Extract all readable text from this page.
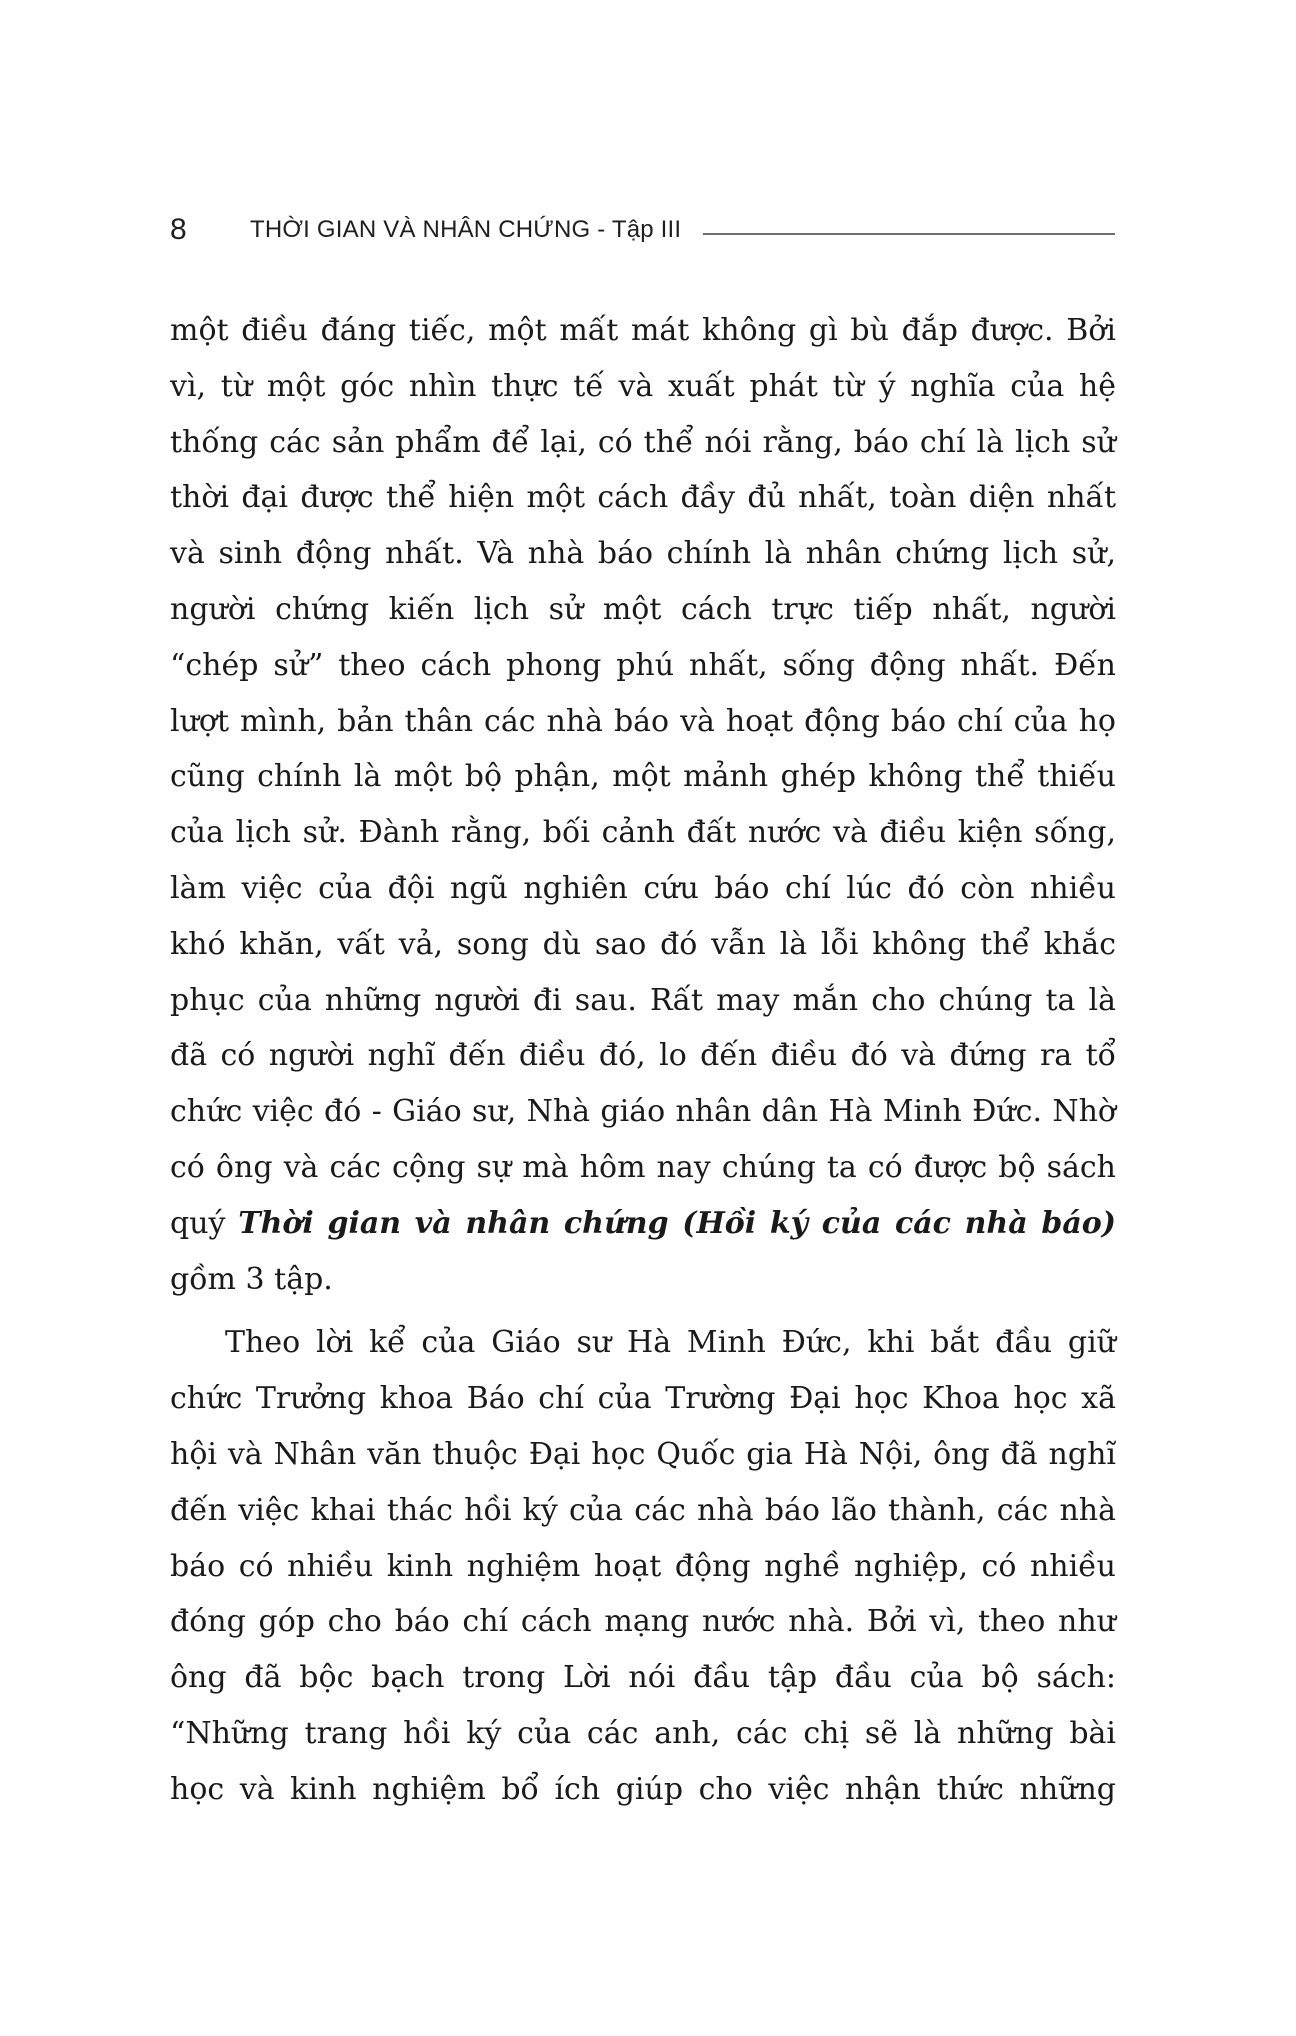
8	THỜI GIAN VÀ NHÂN CHỨNG - Tập III
một điều đáng tiếc, một mất mát không gì bù đắp được. Bởi
vì, từ một góc nhìn thực tế và xuất phát từ ý nghĩa của hệ
thống các sản phẩm để lại, có thể nói rằng, báo chí là lịch sử
thời đại được thể hiện một cách đầy đủ nhất, toàn diện nhất
và sinh động nhất. Và nhà báo chính là nhân chứng lịch sử,
người chứng kiến lịch sử một cách trực tiếp nhất, người
“chép sử” theo cách phong phú nhất, sống động nhất. Đến
lượt mình, bản thân các nhà báo và hoạt động báo chí của họ
cũng chính là một bộ phận, một mảnh ghép không thể thiếu
của lịch sử. Đành rằng, bối cảnh đất nước và điều kiện sống,
làm việc của đội ngũ nghiên cứu báo chí lúc đó còn nhiều
khó khăn, vất vả, song dù sao đó vẫn là lỗi không thể khắc
phục của những người đi sau. Rất may mắn cho chúng ta là
đã có người nghĩ đến điều đó, lo đến điều đó và đứng ra tổ
chức việc đó - Giáo sư, Nhà giáo nhân dân Hà Minh Đức. Nhờ
có ông và các cộng sự mà hôm nay chúng ta có được bộ sách
quý Thời gian và nhân chứng (Hồi ký của các nhà báo)
gồm 3 tập.
Theo lời kể của Giáo sư Hà Minh Đức, khi bắt đầu giữ
chức Trưởng khoa Báo chí của Trường Đại học Khoa học xã
hội và Nhân văn thuộc Đại học Quốc gia Hà Nội, ông đã nghĩ
đến việc khai thác hồi ký của các nhà báo lão thành, các nhà
báo có nhiều kinh nghiệm hoạt động nghề nghiệp, có nhiều
đóng góp cho báo chí cách mạng nước nhà. Bởi vì, theo như
ông đã bộc bạch trong Lời nói đầu tập đầu của bộ sách:
“Những trang hồi ký của các anh, các chị sẽ là những bài
học và kinh nghiệm bổ ích giúp cho việc nhận thức những
